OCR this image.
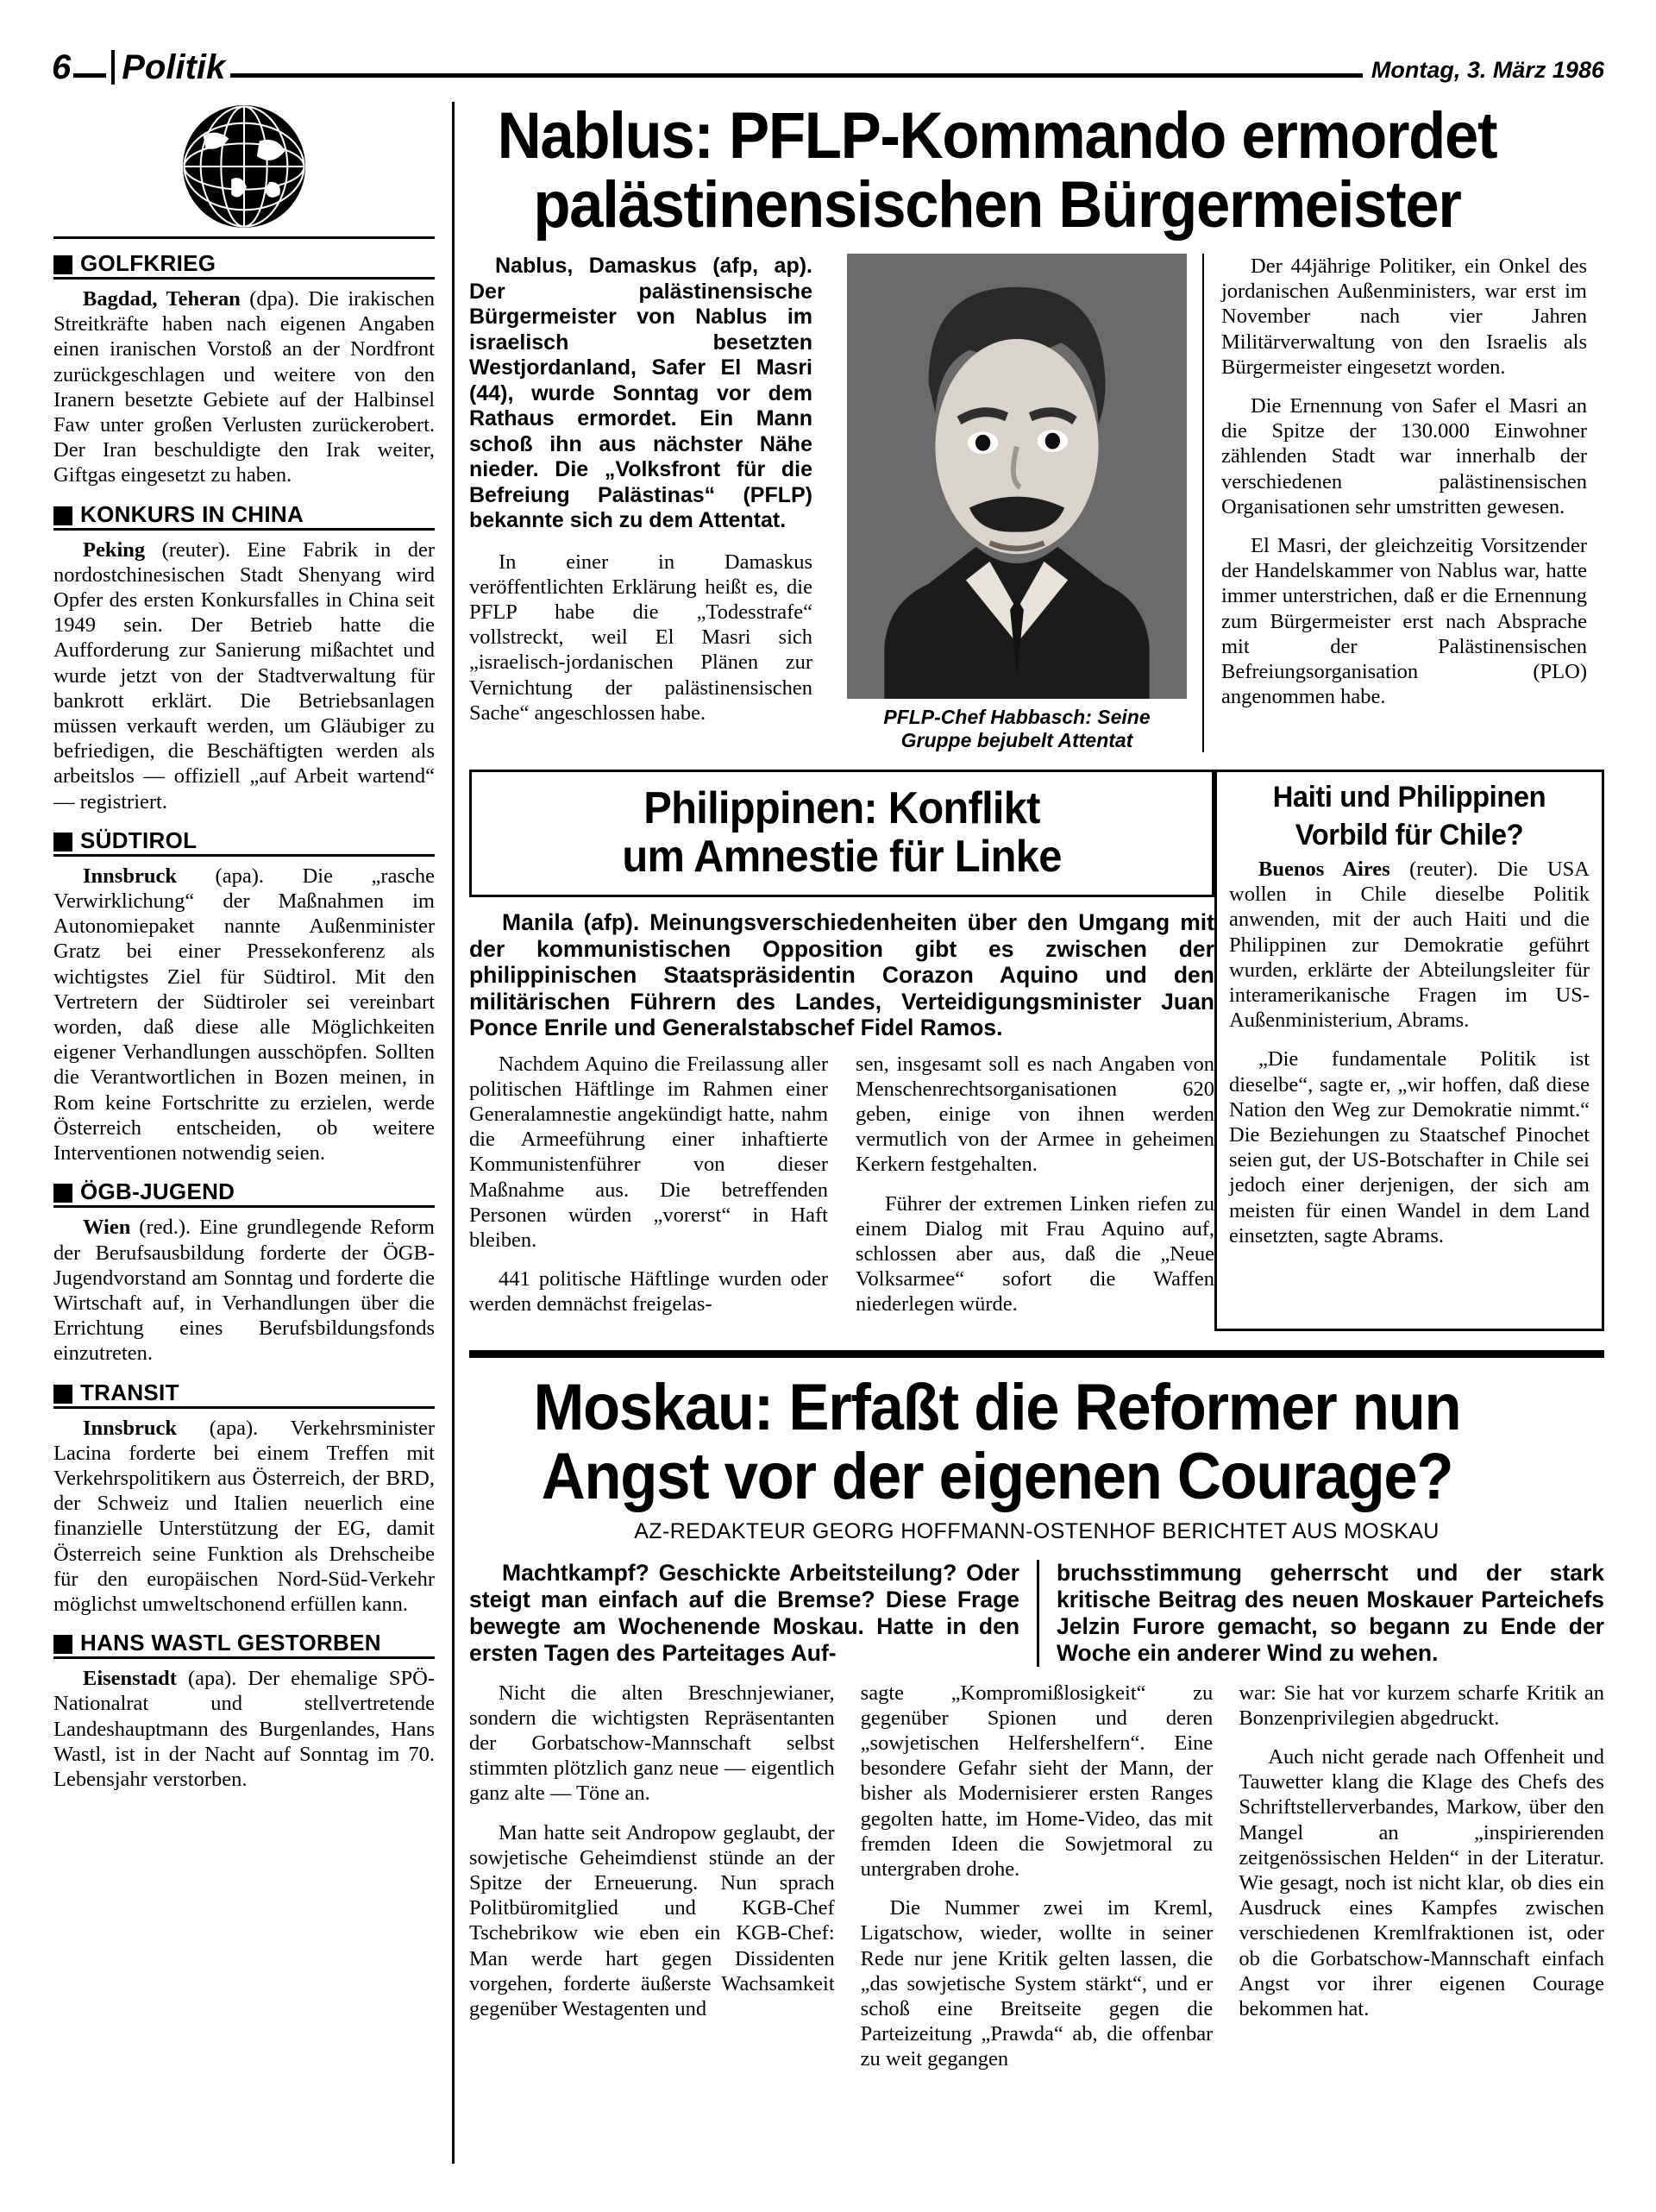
6	Politik	Montag, 3. März 1986
GOLFKRIEG

Bagdad, Teheran (dpa). Die irakischen Streitkräfte haben nach eigenen Angaben einen iranischen Vorstoß an der Nordfront zurückgeschlagen und weitere von den Iranern besetzte Gebiete auf der Halbinsel Faw unter großen Verlusten zurückerobert. Der Iran beschuldigte den Irak weiter, Giftgas eingesetzt zu haben.

KONKURS IN CHINA

Peking (reuter). Eine Fabrik in der nordostchinesischen Stadt Shenyang wird Opfer des ersten Konkursfalles in China seit 1949 sein. Der Betrieb hatte die Aufforderung zur Sanierung mißachtet und wurde jetzt von der Stadtverwaltung für bankrott erklärt. Die Betriebsanlagen müssen verkauft werden, um Gläubiger zu befriedigen, die Beschäftigten werden als arbeitslos — offiziell „auf Arbeit wartend“ — registriert.

SÜDTIROL

Innsbruck (apa). Die „rasche Verwirklichung“ der Maßnahmen im Autonomiepaket nannte Außenminister Gratz bei einer Pressekonferenz als wichtigstes Ziel für Südtirol. Mit den Vertretern der Südtiroler sei vereinbart worden, daß diese alle Möglichkeiten eigener Verhandlungen ausschöpfen. Sollten die Verantwortlichen in Bozen meinen, in Rom keine Fortschritte zu erzielen, werde Österreich entscheiden, ob weitere Interventionen notwendig seien.

ÖGB-JUGEND

Wien (red.). Eine grundlegende Reform der Berufsausbildung forderte der ÖGB-Jugendvorstand am Sonntag und forderte die Wirtschaft auf, in Verhandlungen über die Errichtung eines Berufsbildungsfonds einzutreten.

TRANSIT

Innsbruck (apa). Verkehrsminister Lacina forderte bei einem Treffen mit Verkehrspolitikern aus Österreich, der BRD, der Schweiz und Italien neuerlich eine finanzielle Unterstützung der EG, damit Österreich seine Funktion als Drehscheibe für den europäischen Nord-Süd-Verkehr möglichst umweltschonend erfüllen kann.

HANS WASTL GESTORBEN

Eisenstadt (apa). Der ehemalige SPÖ-Nationalrat und stellvertretende Landeshauptmann des Burgenlandes, Hans Wastl, ist in der Nacht auf Sonntag im 70. Lebensjahr verstorben.

Nablus: PFLP-Kommando ermordet
palästinensischen Bürgermeister

Nablus, Damaskus (afp, ap). Der palästinensische Bürgermeister von Nablus im israelisch besetzten Westjordanland, Safer El Masri (44), wurde Sonntag vor dem Rathaus ermordet. Ein Mann schoß ihn aus nächster Nähe nieder. Die „Volksfront für die Befreiung Palästinas“ (PFLP) bekannte sich zu dem Attentat.

In einer in Damaskus veröffentlichten Erklärung heißt es, die PFLP habe die „Todesstrafe“ vollstreckt, weil El Masri sich „israelisch-jordanischen Plänen zur Vernichtung der palästinensischen Sache“ angeschlossen habe.	PFLP-Chef Habbasch: Seine Gruppe bejubelt Attentat

Der 44jährige Politiker, ein Onkel des jordanischen Außenministers, war erst im November nach vier Jahren Militärverwaltung von den Israelis als Bürgermeister eingesetzt worden.

Die Ernennung von Safer el Masri an die Spitze der 130.000 Einwohner zählenden Stadt war innerhalb der verschiedenen palästinensischen Organisationen sehr umstritten gewesen.

El Masri, der gleichzeitig Vorsitzender der Handelskammer von Nablus war, hatte immer unterstrichen, daß er die Ernennung zum Bürgermeister erst nach Absprache mit der Palästinensischen Befreiungsorganisation (PLO) angenommen habe.

Philippinen: Konflikt
um Amnestie für Linke

Manila (afp). Meinungsverschiedenheiten über den Umgang mit der kommunistischen Opposition gibt es zwischen der philippinischen Staatspräsidentin Corazon Aquino und den militärischen Führern des Landes, Verteidigungsminister Juan Ponce Enrile und Generalstabschef Fidel Ramos.

Nachdem Aquino die Freilassung aller politischen Häftlinge im Rahmen einer Generalamnestie angekündigt hatte, nahm die Armeeführung einer inhaftierte Kommunistenführer von dieser Maßnahme aus. Die betreffenden Personen würden „vorerst“ in Haft bleiben.

441 politische Häftlinge wurden oder werden demnächst freigelas-

sen, insgesamt soll es nach Angaben von Menschenrechtsorganisationen 620 geben, einige von ihnen werden vermutlich von der Armee in geheimen Kerkern festgehalten.

Führer der extremen Linken riefen zu einem Dialog mit Frau Aquino auf, schlossen aber aus, daß die „Neue Volksarmee“ sofort die Waffen niederlegen würde.

Haiti und Philippinen
Vorbild für Chile?

Buenos Aires (reuter). Die USA wollen in Chile dieselbe Politik anwenden, mit der auch Haiti und die Philippinen zur Demokratie geführt wurden, erklärte der Abteilungsleiter für interamerikanische Fragen im US-Außenministerium, Abrams.

„Die fundamentale Politik ist dieselbe“, sagte er, „wir hoffen, daß diese Nation den Weg zur Demokratie nimmt.“ Die Beziehungen zu Staatschef Pinochet seien gut, der US-Botschafter in Chile sei jedoch einer derjenigen, der sich am meisten für einen Wandel in dem Land einsetzten, sagte Abrams.

Moskau: Erfaßt die Reformer nun
Angst vor der eigenen Courage?
AZ-REDAKTEUR GEORG HOFFMANN-OSTENHOF BERICHTET AUS MOSKAU

Machtkampf? Geschickte Arbeitsteilung? Oder steigt man einfach auf die Bremse? Diese Frage bewegte am Wochenende Moskau. Hatte in den ersten Tagen des Parteitages Auf-

bruchsstimmung geherrscht und der stark kritische Beitrag des neuen Moskauer Parteichefs Jelzin Furore gemacht, so begann zu Ende der Woche ein anderer Wind zu wehen.

Nicht die alten Breschnjewianer, sondern die wichtigsten Repräsentanten der Gorbatschow-Mannschaft selbst stimmten plötzlich ganz neue — eigentlich ganz alte — Töne an.

Man hatte seit Andropow geglaubt, der sowjetische Geheimdienst stünde an der Spitze der Erneuerung. Nun sprach Politbüromitglied und KGB-Chef Tschebrikow wie eben ein KGB-Chef: Man werde hart gegen Dissidenten vorgehen, forderte äußerste Wachsamkeit gegenüber Westagenten und

sagte „Kompromißlosigkeit“ zu gegenüber Spionen und deren „sowjetischen Helfershelfern“. Eine besondere Gefahr sieht der Mann, der bisher als Modernisierer ersten Ranges gegolten hatte, im Home-Video, das mit fremden Ideen die Sowjetmoral zu untergraben drohe.

Die Nummer zwei im Kreml, Ligatschow, wieder, wollte in seiner Rede nur jene Kritik gelten lassen, die „das sowjetische System stärkt“, und er schoß eine Breitseite gegen die Parteizeitung „Prawda“ ab, die offenbar zu weit gegangen

war: Sie hat vor kurzem scharfe Kritik an Bonzenprivilegien abgedruckt.

Auch nicht gerade nach Offenheit und Tauwetter klang die Klage des Chefs des Schriftstellerverbandes, Markow, über den Mangel an „inspirierenden zeitgenössischen Helden“ in der Literatur. Wie gesagt, noch ist nicht klar, ob dies ein Ausdruck eines Kampfes zwischen verschiedenen Kremlfraktionen ist, oder ob die Gorbatschow-Mannschaft einfach Angst vor ihrer eigenen Courage bekommen hat.
